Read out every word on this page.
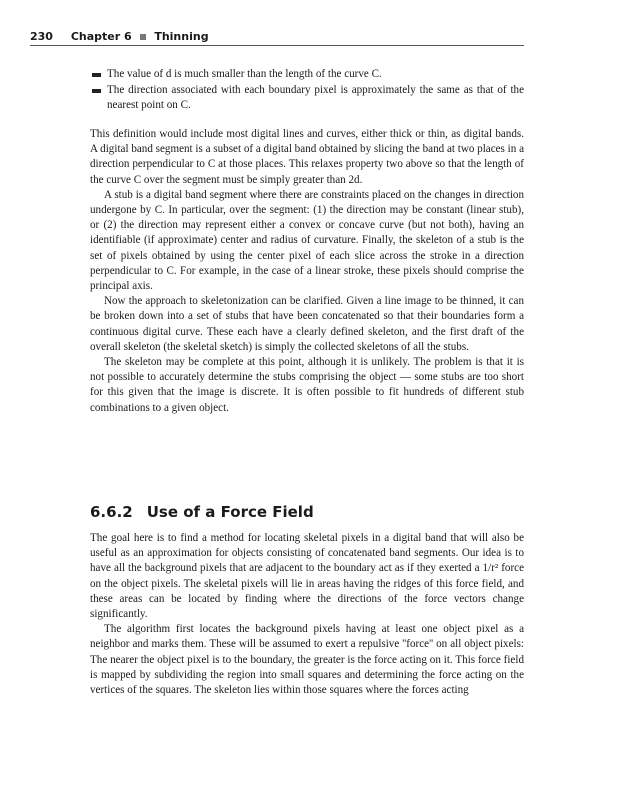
230 Chapter 6 Thinning
The value of d is much smaller than the length of the curve C.
The direction associated with each boundary pixel is approximately the same as that of the nearest point on C.

This definition would include most digital lines and curves, either thick or thin, as digital bands. A digital band segment is a subset of a digital band obtained by slicing the band at two places in a direction perpendicular to C at those places. This relaxes property two above so that the length of the curve C over the segment must be simply greater than 2d.

A stub is a digital band segment where there are constraints placed on the changes in direction undergone by C. In particular, over the segment: (1) the direction may be constant (linear stub), or (2) the direction may represent either a convex or concave curve (but not both), having an identifiable (if approximate) center and radius of curvature. Finally, the skeleton of a stub is the set of pixels obtained by using the center pixel of each slice across the stroke in a direction perpendicular to C. For example, in the case of a linear stroke, these pixels should comprise the principal axis.

Now the approach to skeletonization can be clarified. Given a line image to be thinned, it can be broken down into a set of stubs that have been concatenated so that their boundaries form a continuous digital curve. These each have a clearly defined skeleton, and the first draft of the overall skeleton (the skeletal sketch) is simply the collected skeletons of all the stubs.

The skeleton may be complete at this point, although it is unlikely. The problem is that it is not possible to accurately determine the stubs comprising the object — some stubs are too short for this given that the image is discrete. It is often possible to fit hundreds of different stub combinations to a given object.

6.6.2 Use of a Force Field

The goal here is to find a method for locating skeletal pixels in a digital band that will also be useful as an approximation for objects consisting of concatenated band segments. Our idea is to have all the background pixels that are adjacent to the boundary act as if they exerted a 1/r² force on the object pixels. The skeletal pixels will lie in areas having the ridges of this force field, and these areas can be located by finding where the directions of the force vectors change significantly.

The algorithm first locates the background pixels having at least one object pixel as a neighbor and marks them. These will be assumed to exert a repulsive ''force'' on all object pixels: The nearer the object pixel is to the boundary, the greater is the force acting on it. This force field is mapped by subdividing the region into small squares and determining the force acting on the vertices of the squares. The skeleton lies within those squares where the forces acting
